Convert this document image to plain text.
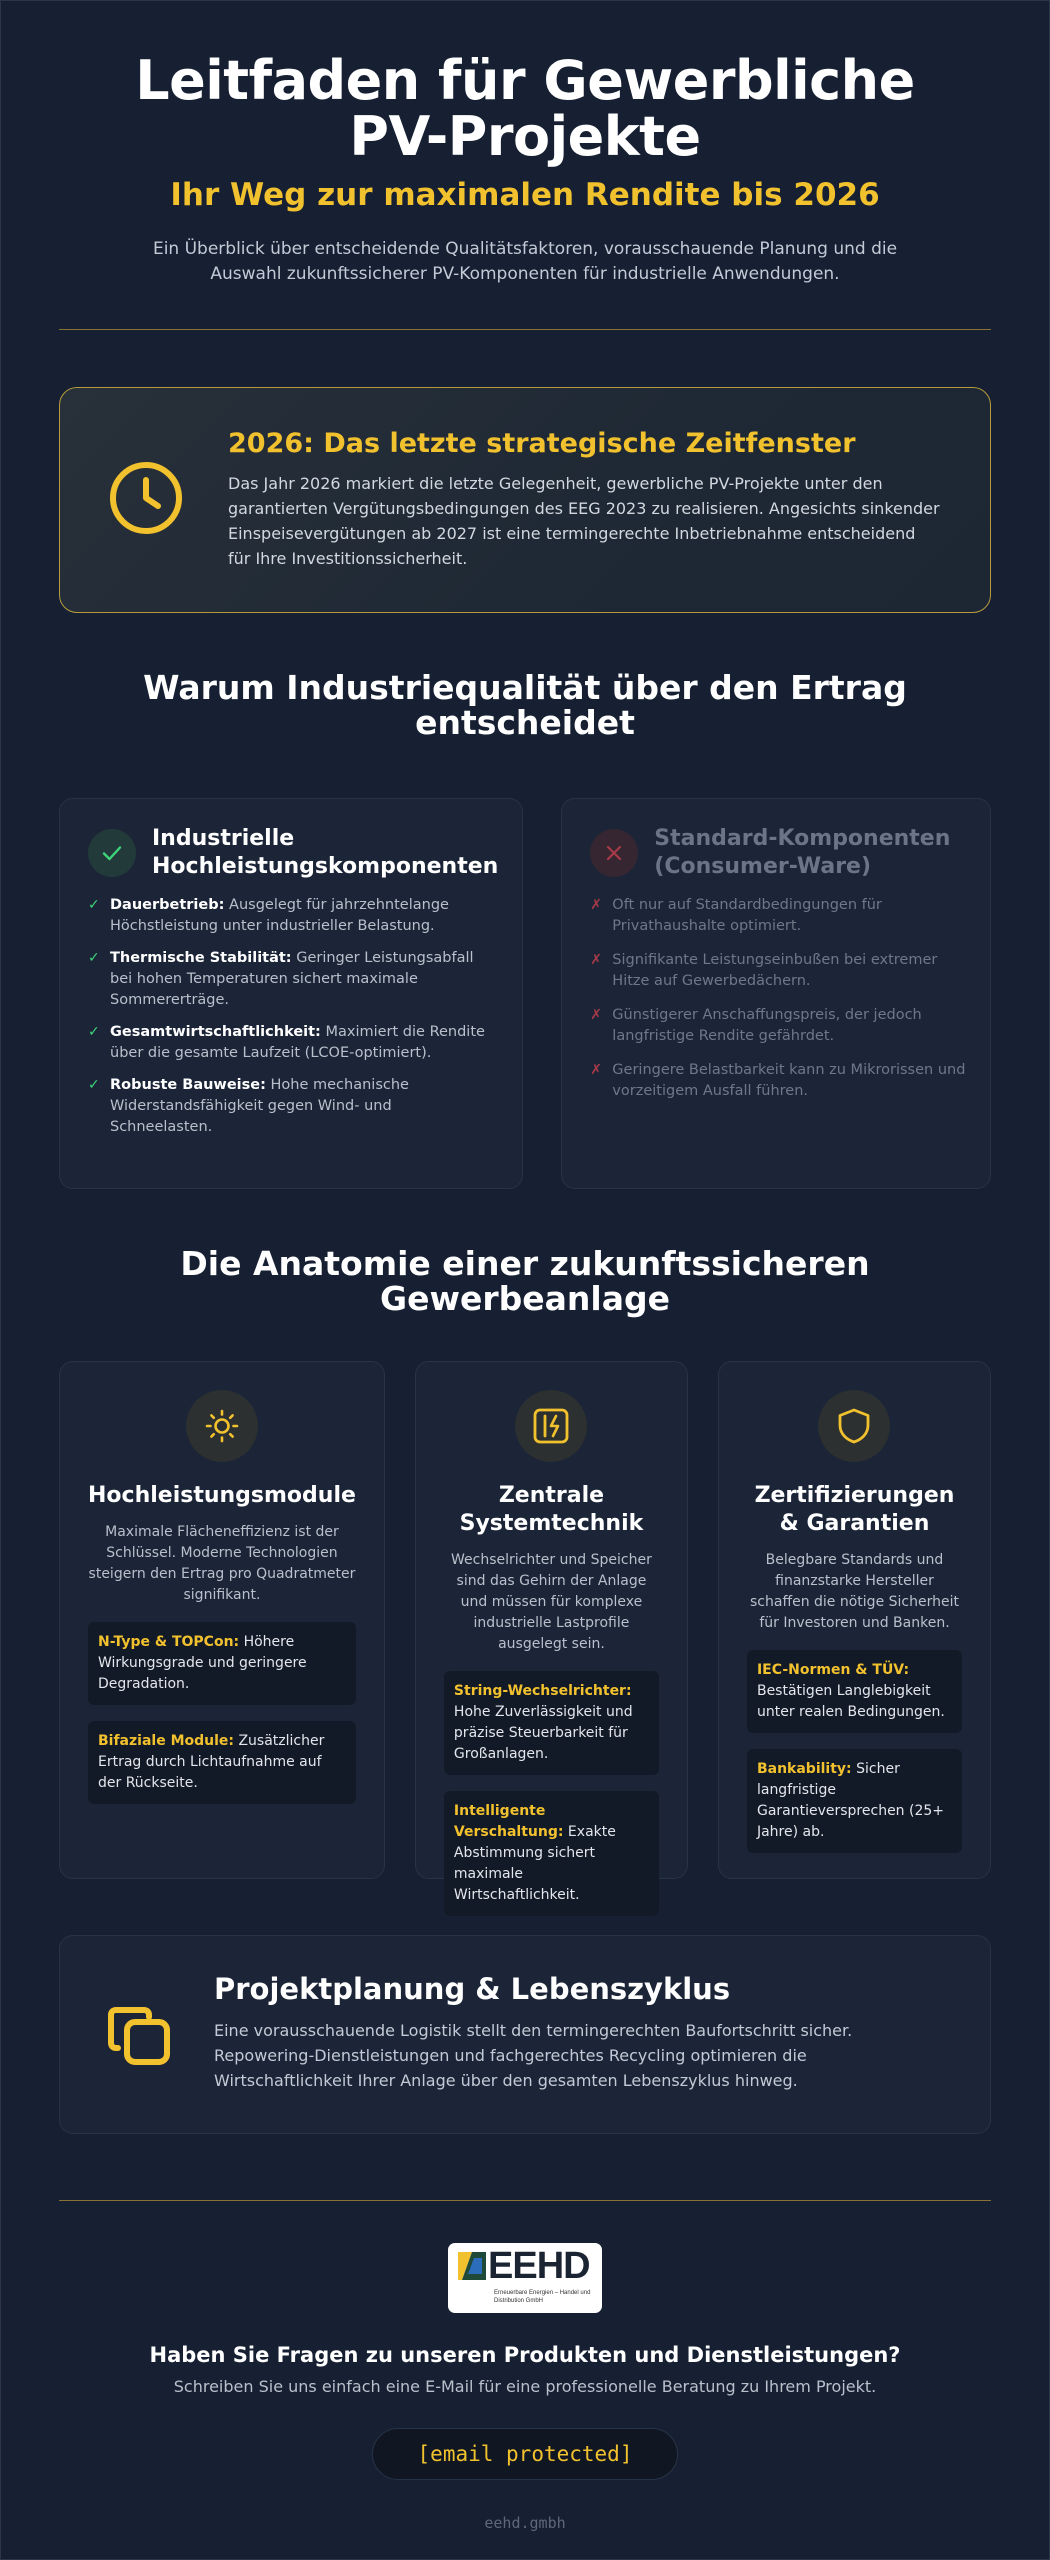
Leitfaden für Gewerbliche PV-Projekte
Ihr Weg zur maximalen Rendite bis 2026

Ein Überblick über entscheidende Qualitätsfaktoren, vorausschauende Planung und die Auswahl zukunftssicherer PV-Komponenten für industrielle Anwendungen.

2026: Das letzte strategische Zeitfenster

Das Jahr 2026 markiert die letzte Gelegenheit, gewerbliche PV-Projekte unter den garantierten Vergütungsbedingungen des EEG 2023 zu realisieren. Angesichts sinkender Einspeisevergütungen ab 2027 ist eine termingerechte Inbetriebnahme entscheidend für Ihre Investitionssicherheit.

Warum Industriequalität über den Ertrag entscheidet
Industrielle Hochleistungskomponenten
✓ Dauerbetrieb: Ausgelegt für jahrzehntelange Höchstleistung unter industrieller Belastung.
✓ Thermische Stabilität: Geringer Leistungsabfall bei hohen Temperaturen sichert maximale Sommererträge.
✓ Gesamtwirtschaftlichkeit: Maximiert die Rendite über die gesamte Laufzeit (LCOE-optimiert).
✓ Robuste Bauweise: Hohe mechanische Widerstandsfähigkeit gegen Wind- und Schneelasten.
Standard-Komponenten (Consumer-Ware)
✗ Oft nur auf Standardbedingungen für Privathaushalte optimiert.
✗ Signifikante Leistungseinbußen bei extremer Hitze auf Gewerbedächern.
✗ Günstigerer Anschaffungspreis, der jedoch langfristige Rendite gefährdet.
✗ Geringere Belastbarkeit kann zu Mikrorissen und vorzeitigem Ausfall führen.
Die Anatomie einer zukunftssicheren Gewerbeanlage
Hochleistungsmodule

Maximale Flächeneffizienz ist der Schlüssel. Moderne Technologien steigern den Ertrag pro Quadratmeter signifikant.

N-Type & TOPCon: Höhere Wirkungsgrade und geringere Degradation.
Bifaziale Module: Zusätzlicher Ertrag durch Lichtaufnahme auf der Rückseite.
Zentrale Systemtechnik

Wechselrichter und Speicher sind das Gehirn der Anlage und müssen für komplexe industrielle Lastprofile ausgelegt sein.

String-Wechselrichter: Hohe Zuverlässigkeit und präzise Steuerbarkeit für Großanlagen.
Intelligente Verschaltung: Exakte Abstimmung sichert maximale Wirtschaftlichkeit.
Zertifizierungen & Garantien

Belegbare Standards und finanzstarke Hersteller schaffen die nötige Sicherheit für Investoren und Banken.

IEC-Normen & TÜV: Bestätigen Langlebigkeit unter realen Bedingungen.
Bankability: Sicher langfristige Garantieversprechen (25+ Jahre) ab.
Projektplanung & Lebenszyklus

Eine vorausschauende Logistik stellt den termingerechten Baufortschritt sicher. Repowering-Dienstleistungen und fachgerechtes Recycling optimieren die Wirtschaftlichkeit Ihrer Anlage über den gesamten Lebenszyklus hinweg.

EEHD
Erneuerbare Energien – Handel und Distribution GmbH
Haben Sie Fragen zu unseren Produkten und Dienstleistungen?

Schreiben Sie uns einfach eine E-Mail für eine professionelle Beratung zu Ihrem Projekt.

[email protected]
eehd.gmbh
